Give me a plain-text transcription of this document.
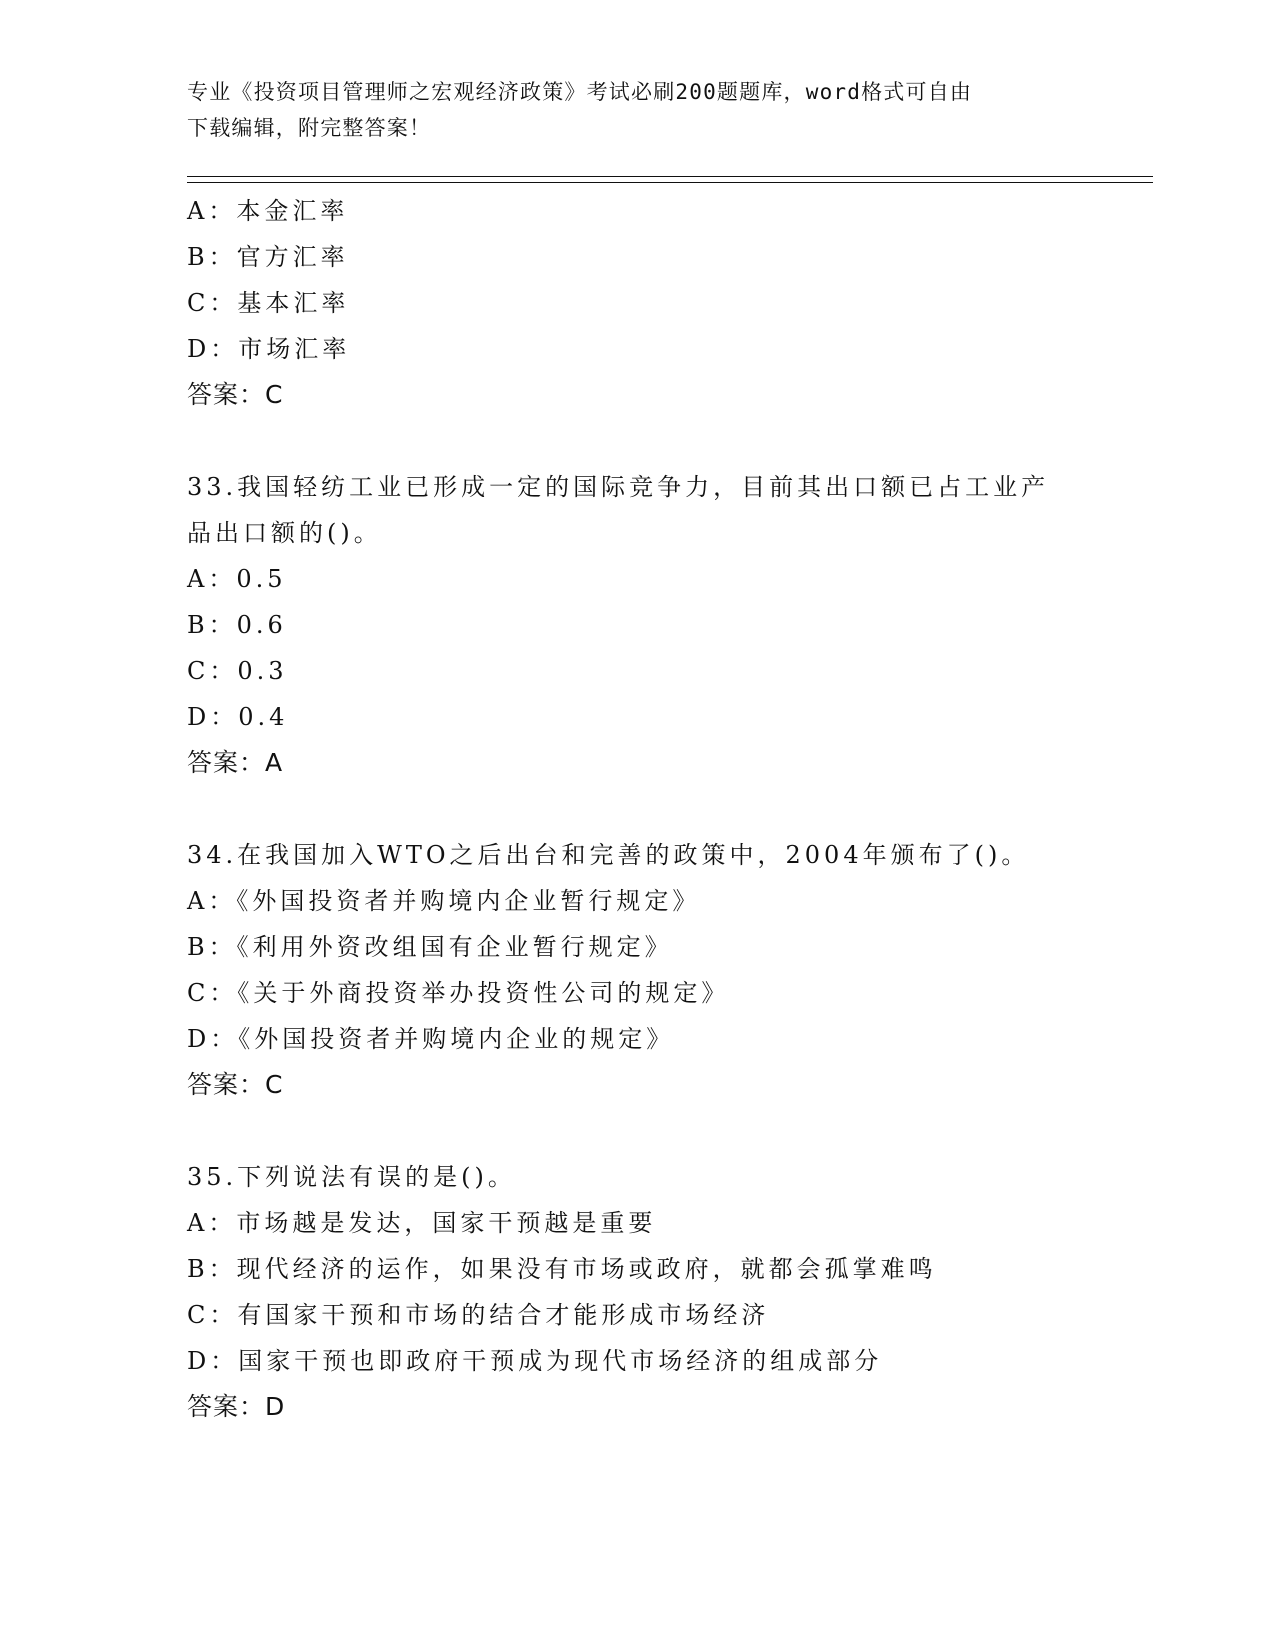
专业《投资项目管理师之宏观经济政策》考试必刷200题题库，word格式可自由
下载编辑，附完整答案！
A：本金汇率
B：官方汇率
C：基本汇率
D：市场汇率
答案：C
33.我国轻纺工业已形成一定的国际竞争力，目前其出口额已占工业产
品出口额的()。
A：0.5
B：0.6
C：0.3
D：0.4
答案：A
34.在我国加入WTO之后出台和完善的政策中，2004年颁布了()。
A：《外国投资者并购境内企业暂行规定》
B：《利用外资改组国有企业暂行规定》
C：《关于外商投资举办投资性公司的规定》
D：《外国投资者并购境内企业的规定》
答案：C
35.下列说法有误的是()。
A：市场越是发达，国家干预越是重要
B：现代经济的运作，如果没有市场或政府，就都会孤掌难鸣
C：有国家干预和市场的结合才能形成市场经济
D：国家干预也即政府干预成为现代市场经济的组成部分
答案：D
